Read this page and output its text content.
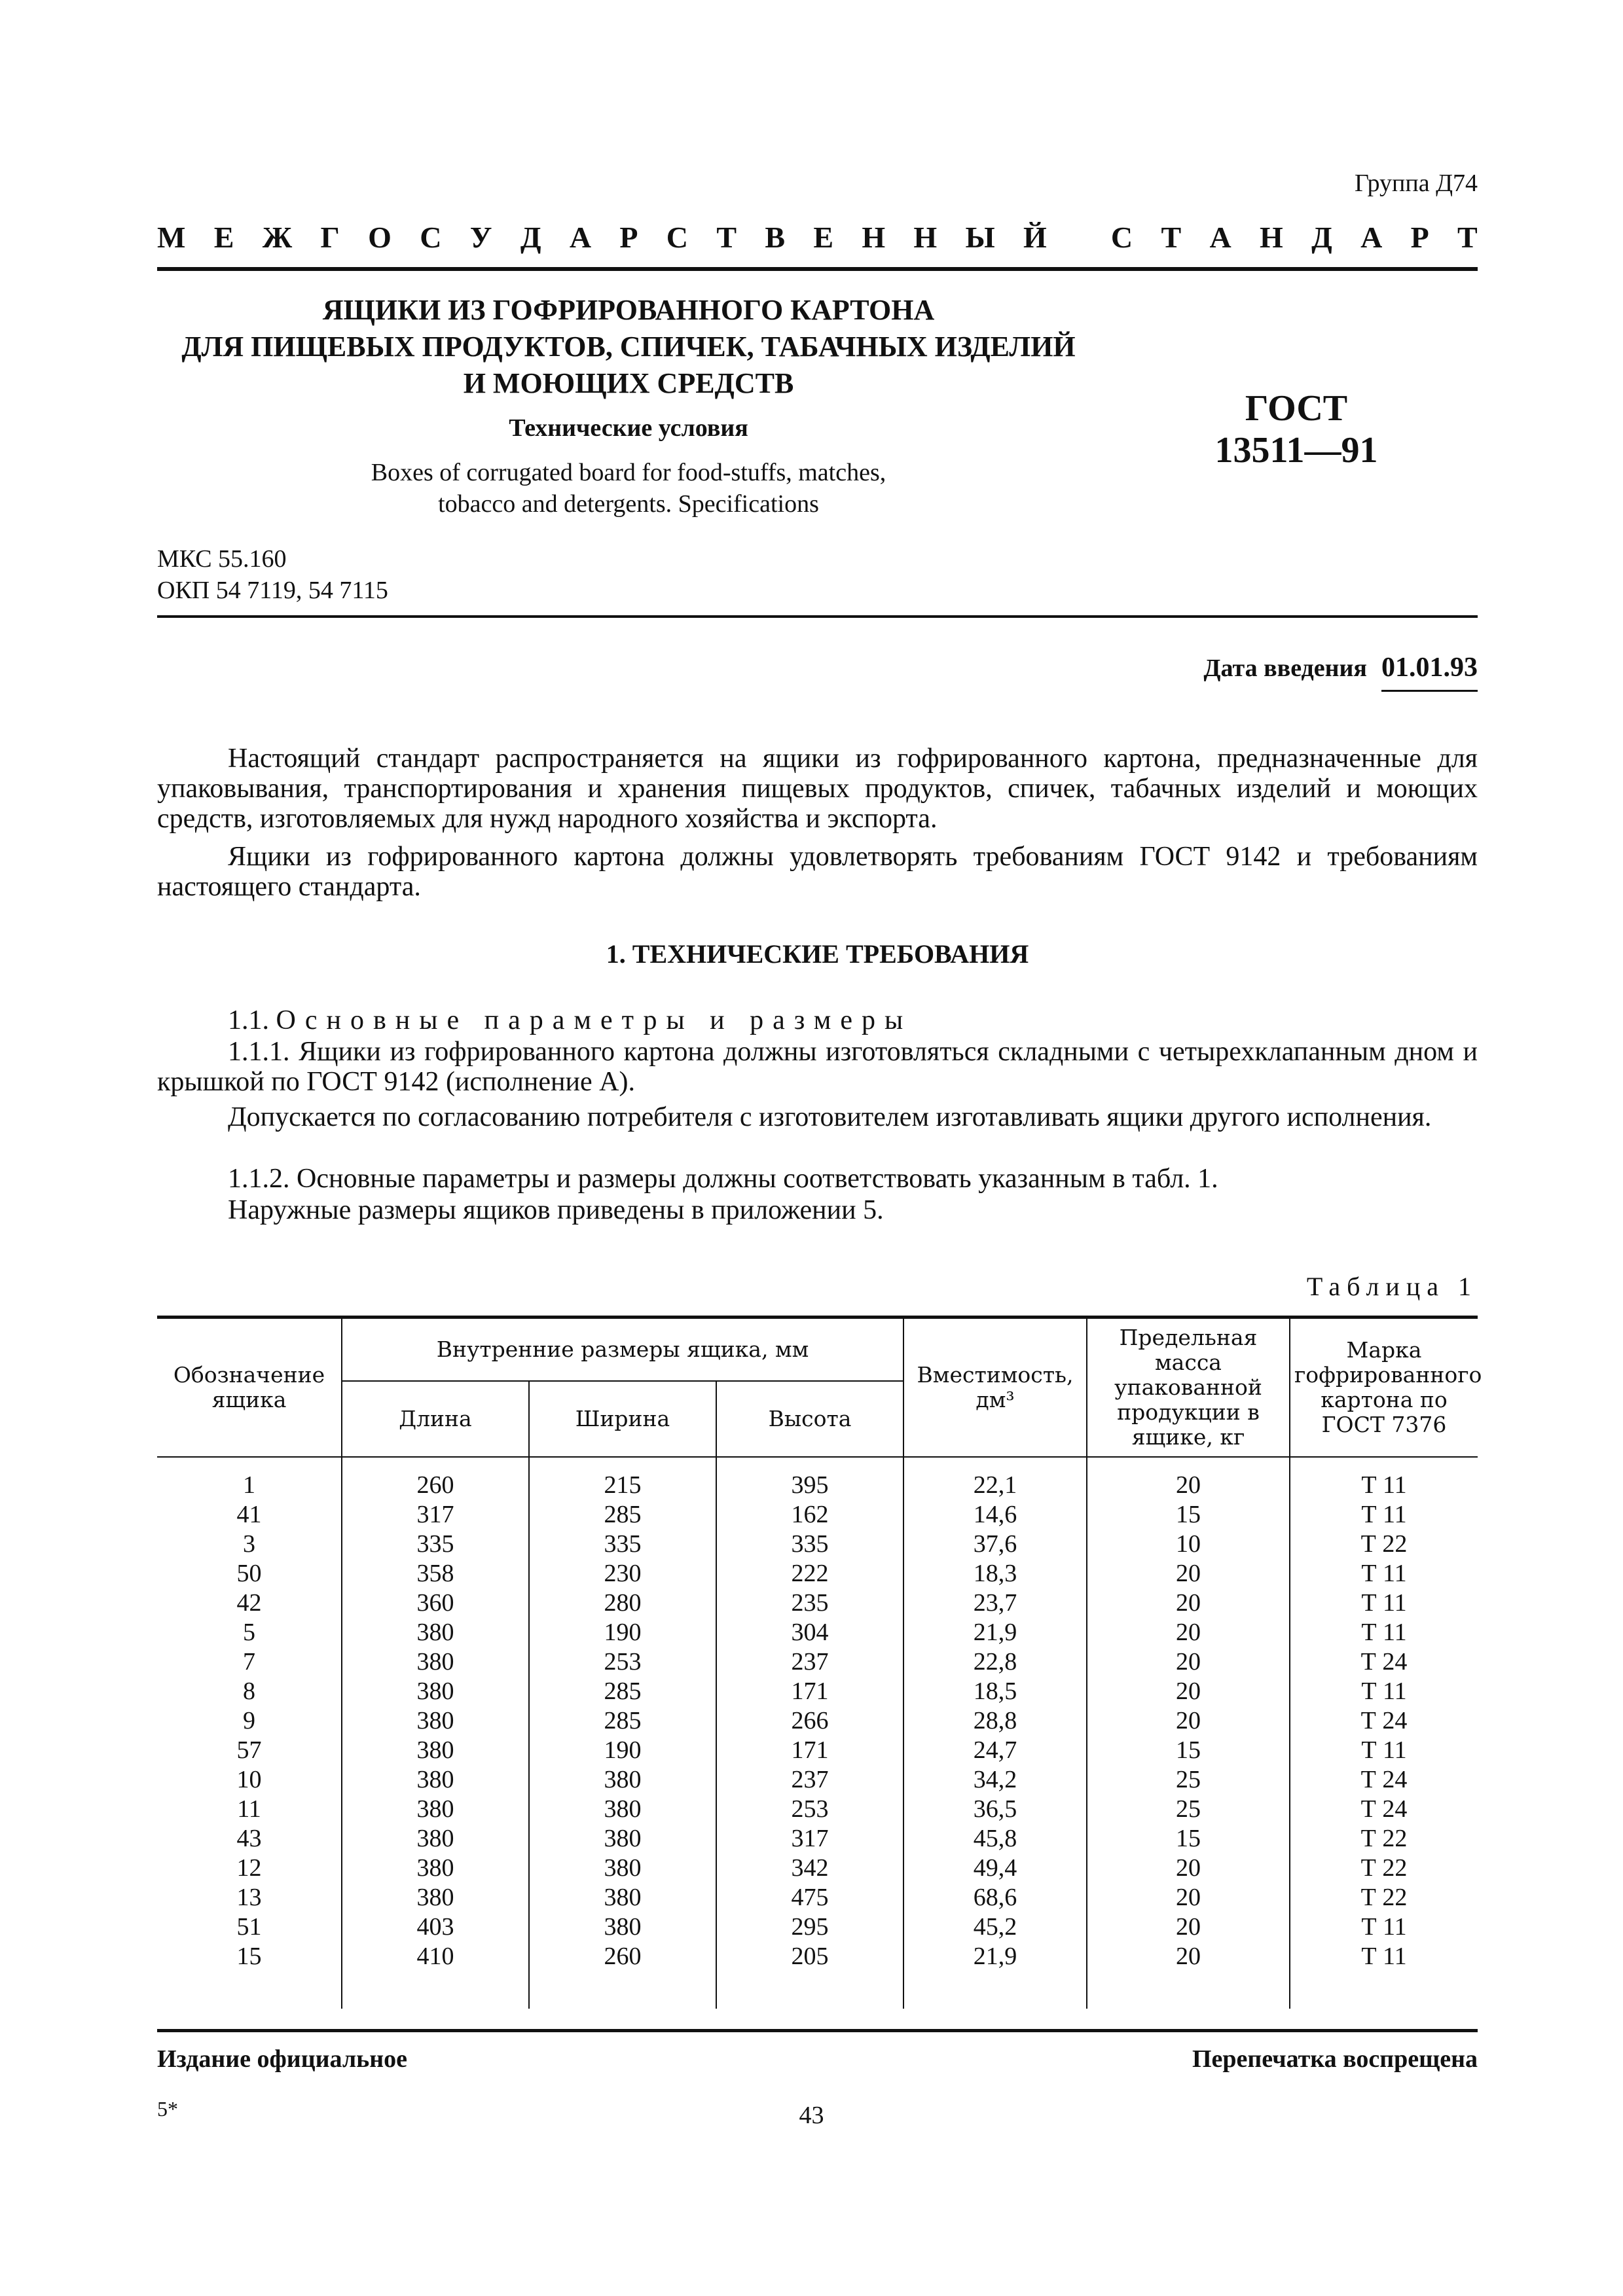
Группа Д74
М Е Ж Г О С У Д А Р С Т В Е Н Н Ы Й
С Т А Н Д А Р Т
ЯЩИКИ ИЗ ГОФРИРОВАННОГО КАРТОНА
ДЛЯ ПИЩЕВЫХ ПРОДУКТОВ, СПИЧЕК, ТАБАЧНЫХ ИЗДЕЛИЙ
И МОЮЩИХ СРЕДСТВ
Технические условия
Boxes of corrugated board for food-stuffs, matches,
tobacco and detergents. Specifications
ГОСТ
13511—91
МКС 55.160
ОКП 54 7119, 54 7115
Дата введения 01.01.93
Настоящий стандарт распространяется на ящики из гофрированного картона, предназначенные для упаковывания, транспортирования и хранения пищевых продуктов, спичек, табачных изделий и моющих средств, изготовляемых для нужд народного хозяйства и экспорта.
Ящики из гофрированного картона должны удовлетворять требованиям ГОСТ 9142 и требованиям настоящего стандарта.
1. ТЕХНИЧЕСКИЕ ТРЕБОВАНИЯ
1.1. Основные параметры и размеры
1.1.1. Ящики из гофрированного картона должны изготовляться складными с четырехклапанным дном и крышкой по ГОСТ 9142 (исполнение А).
Допускается по согласованию потребителя с изготовителем изготавливать ящики другого исполнения.
1.1.2. Основные параметры и размеры должны соответствовать указанным в табл. 1.
Наружные размеры ящиков приведены в приложении 5.
Таблица 1
Обозначение ящика	Внутренние размеры ящика, мм			Вместимость, дм³	Предельная масса упакованной продукции в ящике, кг	Марка гофрированного картона по ГОСТ 7376
	Длина	Ширина	Высота			
1	260	215	395	22,1	20	Т 11
41	317	285	162	14,6	15	Т 11
3	335	335	335	37,6	10	Т 22
50	358	230	222	18,3	20	Т 11
42	360	280	235	23,7	20	Т 11
5	380	190	304	21,9	20	Т 11
7	380	253	237	22,8	20	Т 24
8	380	285	171	18,5	20	Т 11
9	380	285	266	28,8	20	Т 24
57	380	190	171	24,7	15	Т 11
10	380	380	237	34,2	25	Т 24
11	380	380	253	36,5	25	Т 24
43	380	380	317	45,8	15	Т 22
12	380	380	342	49,4	20	Т 22
13	380	380	475	68,6	20	Т 22
51	403	380	295	45,2	20	Т 11
15	410	260	205	21,9	20	Т 11
Издание официальное	Перепечатка воспрещена
5*	43
